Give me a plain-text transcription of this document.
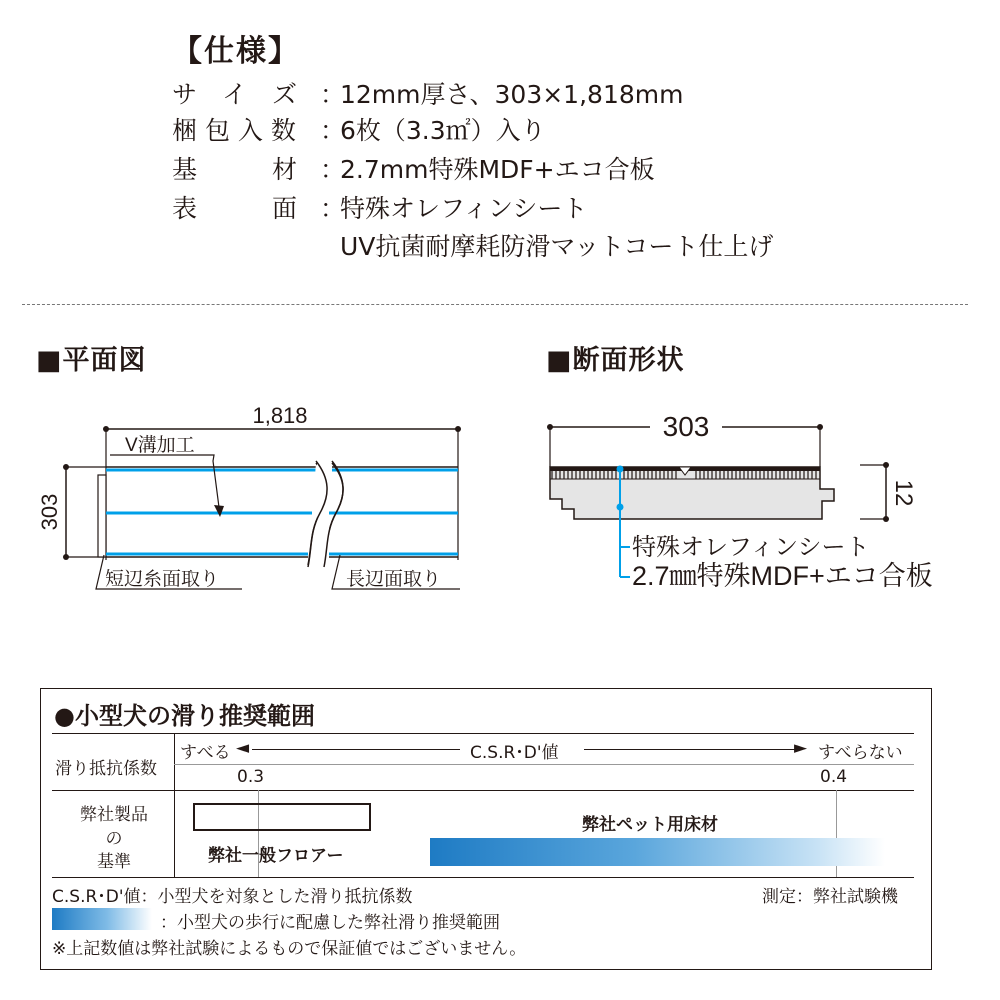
【仕様】
サ　イ　ズ ：12mm厚さ、303×1,818mm
梱 包 入 数 ：6枚（3.3㎡）入り
基　　　材 ：2.7mm特殊MDF+エコ合板
表　　　面 ：特殊オレフィンシート
UV抗菌耐摩耗防滑マットコート仕上げ
■平面図	■断面形状
1,818
303
V溝加工
短辺糸面取り	長辺面取り
303
12
特殊オレフィンシート
2.7㎜特殊MDF+エコ合板
●小型犬の滑り推奨範囲
滑り抵抗係数
すべる ◄	C.S.R･D'値	► すべらない
0.3	0.4
弊社製品
の
基準	弊社一般フロアー
弊社ペット用床材
C.S.R･D'値：小型犬を対象とした滑り抵抗係数	測定：弊社試験機
：小型犬の歩行に配慮した弊社滑り推奨範囲
※上記数値は弊社試験によるもので保証値ではございません。
